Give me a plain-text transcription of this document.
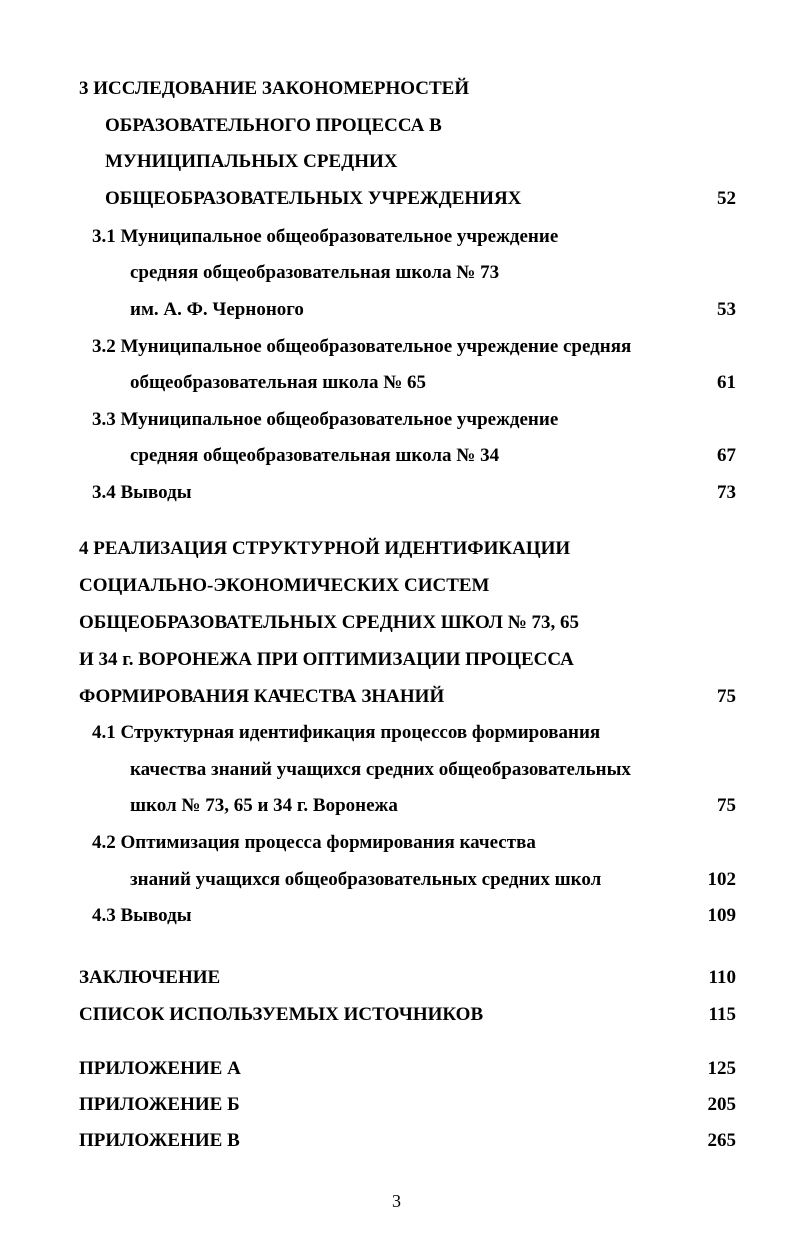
3 ИССЛЕДОВАНИЕ ЗАКОНОМЕРНОСТЕЙ
ОБРАЗОВАТЕЛЬНОГО ПРОЦЕССА В
МУНИЦИПАЛЬНЫХ СРЕДНИХ
ОБЩЕОБРАЗОВАТЕЛЬНЫХ УЧРЕЖДЕНИЯХ	52
3.1 Муниципальное общеобразовательное учреждение
средняя общеобразовательная школа № 73
им. А. Ф. Черноного	53
3.2 Муниципальное общеобразовательное учреждение средняя
общеобразовательная школа № 65	61
3.3 Муниципальное общеобразовательное учреждение
средняя общеобразовательная школа № 34	67
3.4 Выводы	73
4 РЕАЛИЗАЦИЯ СТРУКТУРНОЙ ИДЕНТИФИКАЦИИ
СОЦИАЛЬНО-ЭКОНОМИЧЕСКИХ СИСТЕМ
ОБЩЕОБРАЗОВАТЕЛЬНЫХ СРЕДНИХ ШКОЛ № 73, 65
И 34 г. ВОРОНЕЖА ПРИ ОПТИМИЗАЦИИ ПРОЦЕССА
ФОРМИРОВАНИЯ КАЧЕСТВА ЗНАНИЙ	75
4.1 Структурная идентификация процессов формирования
качества знаний учащихся средних общеобразовательных
школ № 73, 65 и 34 г. Воронежа	75
4.2 Оптимизация процесса формирования качества
знаний учащихся общеобразовательных средних школ	102
4.3 Выводы	109
ЗАКЛЮЧЕНИЕ	110
СПИСОК ИСПОЛЬЗУЕМЫХ ИСТОЧНИКОВ	115
ПРИЛОЖЕНИЕ А	125
ПРИЛОЖЕНИЕ Б	205
ПРИЛОЖЕНИЕ В	265
3
